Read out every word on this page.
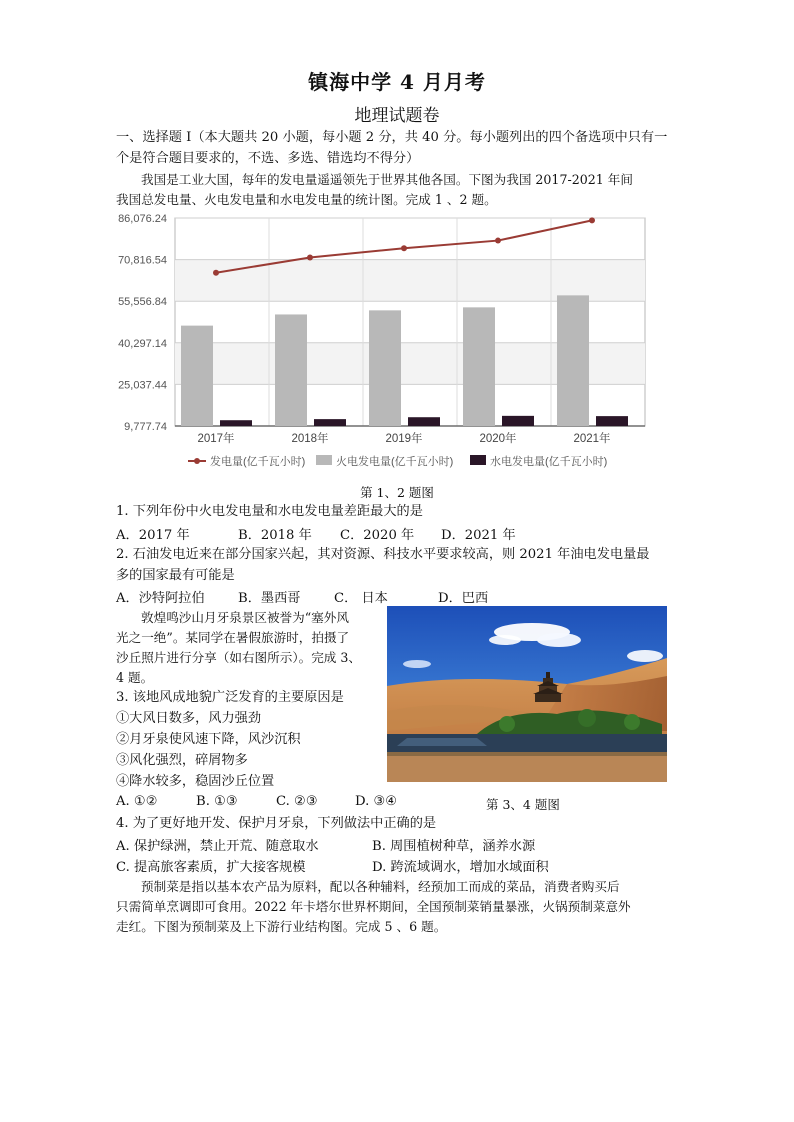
镇海中学 4 月月考
地理试题卷
一、选择题 Ⅰ（本大题共 20 小题，每小题 2 分，共 40 分。每小题列出的四个备选项中只有一
个是符合题目要求的，不选、多选、错选均不得分）
我国是工业大国，每年的发电量遥遥领先于世界其他各国。下图为我国 2017-2021 年间
我国总发电量、火电发电量和水电发电量的统计图。完成 1 、2 题。
86,076.24
70,816.54
55,556.84
40,297.14
25,037.44
9,777.74
2017年	2018年	2019年	2020年	2021年
发电量(亿千瓦小时)	火电发电量(亿千瓦小时)	水电发电量(亿千瓦小时)
第 1、2 题图
1. 下列年份中火电发电量和水电发电量差距最大的是
A．2017 年	B．2018 年 C．2020 年 D．2021 年
2. 石油发电近来在部分国家兴起，其对资源、科技水平要求较高，则 2021 年油电发电量最
多的国家最有可能是
A．沙特阿拉伯	B．墨西哥	C． 日本	D．巴西
敦煌鸣沙山月牙泉景区被誉为“塞外风
光之一绝”。某同学在暑假旅游时，拍摄了
沙丘照片进行分享（如右图所示）。完成 3、
4 题。
3. 该地风成地貌广泛发育的主要原因是
①大风日数多，风力强劲
②月牙泉使风速下降，风沙沉积
③风化强烈，碎屑物多
④降水较多，稳固沙丘位置
A. ①②	B. ①③	C. ②③	D. ③④	第 3、4 题图
4. 为了更好地开发、保护月牙泉，下列做法中正确的是
A. 保护绿洲，禁止开荒、随意取水	B. 周围植树种草，涵养水源
C. 提高旅客素质，扩大接客规模	D. 跨流域调水，增加水域面积
预制菜是指以基本农产品为原料，配以各种辅料，经预加工而成的菜品，消费者购买后
只需简单烹调即可食用。2022 年卡塔尔世界杯期间，全国预制菜销量暴涨，火锅预制菜意外
走红。下图为预制菜及上下游行业结构图。完成 5 、6 题。
